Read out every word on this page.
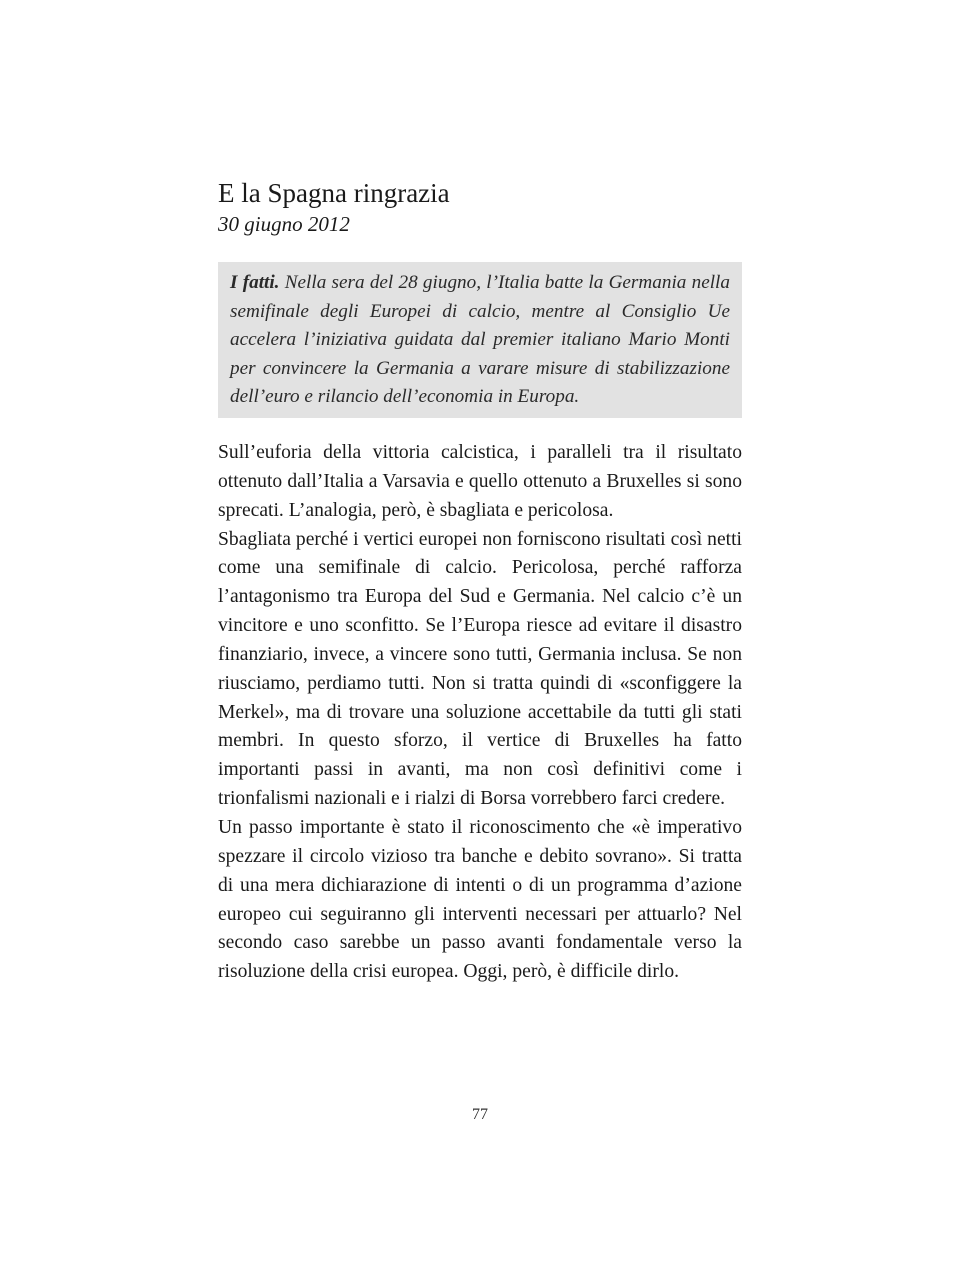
E la Spagna ringrazia
30 giugno 2012

I fatti. Nella sera del 28 giugno, l’Italia batte la Germania nella semifinale degli Europei di calcio, mentre al Consiglio Ue accelera l’iniziativa guidata dal premier italiano Mario Monti per convincere la Germania a varare misure di stabilizzazione dell’euro e rilancio dell’economia in Europa.

Sull’euforia della vittoria calcistica, i paralleli tra il risultato ottenuto dall’Italia a Varsavia e quello ottenuto a Bruxelles si sono sprecati. L’analogia, però, è sbagliata e pericolosa.

Sbagliata perché i vertici europei non forniscono risultati così netti come una semifinale di calcio. Pericolosa, perché rafforza l’antagonismo tra Europa del Sud e Germania. Nel calcio c’è un vincitore e uno sconfitto. Se l’Europa riesce ad evitare il disastro finanziario, invece, a vincere sono tutti, Germania inclusa. Se non riusciamo, perdiamo tutti. Non si tratta quindi di «sconfiggere la Merkel», ma di trovare una soluzione accettabile da tutti gli stati membri. In questo sforzo, il vertice di Bruxelles ha fatto importanti passi in avanti, ma non così definitivi come i trionfalismi nazionali e i rialzi di Borsa vorrebbero farci credere.

Un passo importante è stato il riconoscimento che «è imperativo spezzare il circolo vizioso tra banche e debito sovrano». Si tratta di una mera dichiarazione di intenti o di un programma d’azione europeo cui seguiranno gli interventi necessari per attuarlo? Nel secondo caso sarebbe un passo avanti fondamentale verso la risoluzione della crisi europea. Oggi, però, è difficile dirlo.

77
